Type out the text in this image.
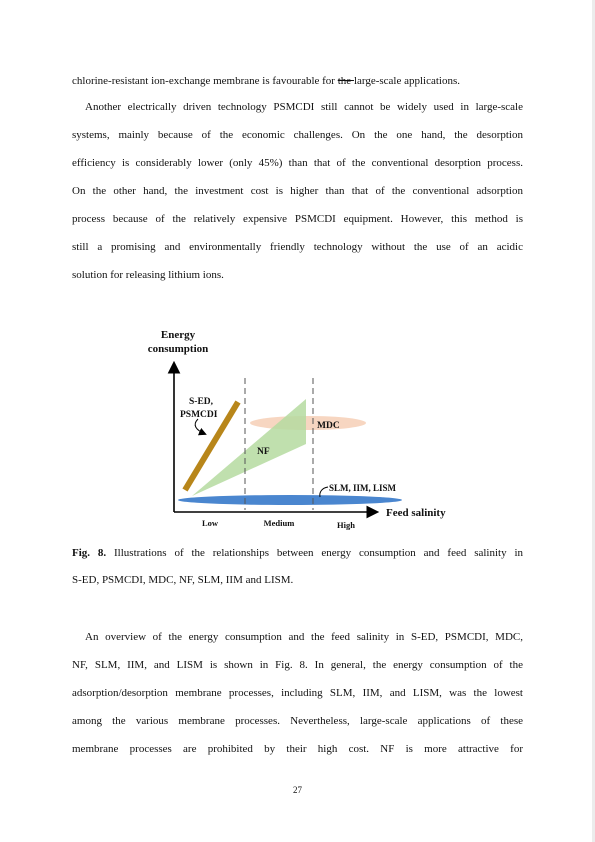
chlorine-resistant ion-exchange membrane is favourable for the large-scale applications.
Another electrically driven technology PSMCDI still cannot be widely used in large-scale
systems, mainly because of the economic challenges. On the one hand, the desorption
efficiency is considerably lower (only 45%) than that of the conventional desorption process.
On the other hand, the investment cost is higher than that of the conventional adsorption
process because of the relatively expensive PSMCDI equipment. However, this method is
still a promising and environmentally friendly technology without the use of an acidic
solution for releasing lithium ions.
Energy
consumption
Feed salinity
Low	Medium	High
S-ED,
PSMCDI
NF
MDC
SLM, IIM, LISM
Fig. 8. Illustrations of the relationships between energy consumption and feed salinity in
S-ED, PSMCDI, MDC, NF, SLM, IIM and LISM.
An overview of the energy consumption and the feed salinity in S-ED, PSMCDI, MDC,
NF, SLM, IIM, and LISM is shown in Fig. 8. In general, the energy consumption of the
adsorption/desorption membrane processes, including SLM, IIM, and LISM, was the lowest
among the various membrane processes. Nevertheless, large-scale applications of these
membrane processes are prohibited by their high cost. NF is more attractive for
27
